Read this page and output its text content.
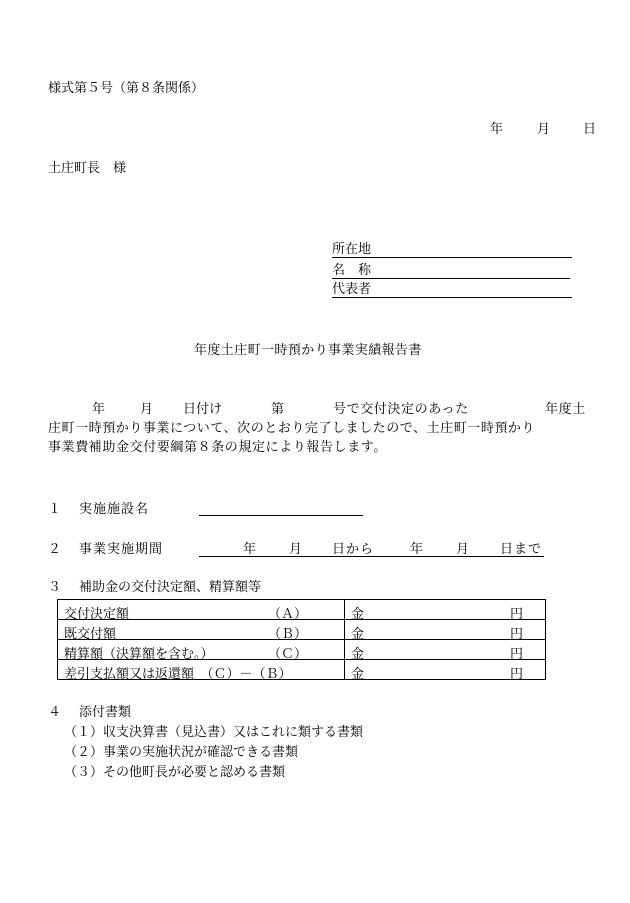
様式第５号（第８条関係）
年	月	日
土庄町長　様
所在地
名　称
代表者
年度土庄町一時預かり事業実績報告書
年	月 日付け	第	号で交付決定のあった	年度土
庄町一時預かり事業について、次のとおり完了しましたので、土庄町一時預かり
事業費補助金交付要綱第８条の規定により報告します。
１ 実施施設名
２ 事業実施期間	年	月 日から	年	月 日まで
３ 補助金の交付決定額、精算額等
交付決定額 （Ａ）	金 円

既交付額 （Ｂ）	金 円

精算額（決算額を含む。） （Ｃ）	金 円

差引支払額又は返還額　（Ｃ）－（Ｂ）	金 円
４ 添付書類
（１）収支決算書（見込書）又はこれに類する書類
（２）事業の実施状況が確認できる書類
（３）その他町長が必要と認める書類
